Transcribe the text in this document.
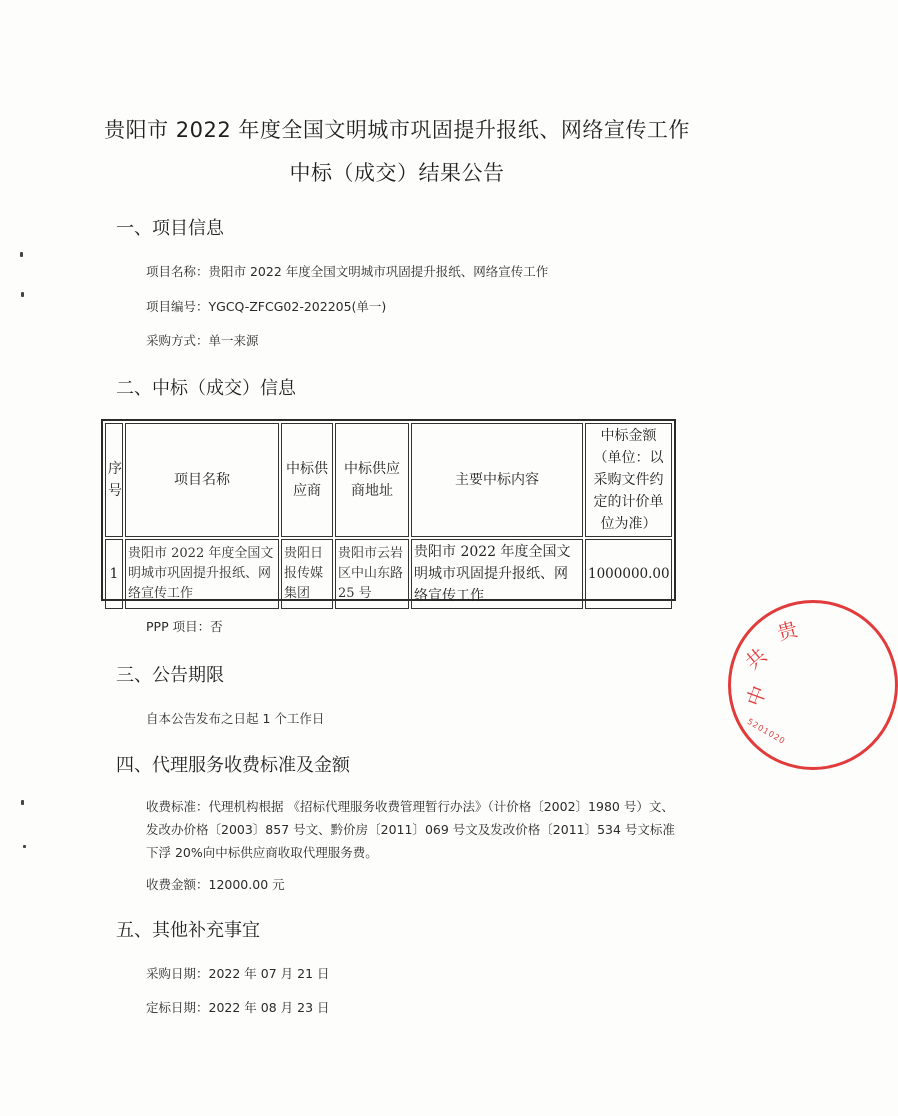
贵阳市 2022 年度全国文明城市巩固提升报纸、网络宣传工作
中标（成交）结果公告
一、项目信息
项目名称：贵阳市 2022 年度全国文明城市巩固提升报纸、网络宣传工作
项目编号：YGCQ-ZFCG02-202205(单一)
采购方式：单一来源
二、中标（成交）信息
序号	项目名称	中标供应商	中标供应商地址	主要中标内容	中标金额（单位：以采购文件约定的计价单位为准）
1	贵阳市 2022 年度全国文明城市巩固提升报纸、网络宣传工作	贵阳日报传媒集团	贵阳市云岩区中山东路 25 号	贵阳市 2022 年度全国文明城市巩固提升报纸、网络宣传工作	1000000.00
PPP 项目：否
三、公告期限
自本公告发布之日起 1 个工作日
四、代理服务收费标准及金额
收费标准：代理机构根据 《招标代理服务收费管理暂行办法》（计价格〔2002〕1980 号）文、发改办价格〔2003〕857 号文、黔价房〔2011〕069 号文及发改价格〔2011〕534 号文标准下浮 20%向中标供应商收取代理服务费。
收费金额：12000.00 元
五、其他补充事宜
采购日期：2022 年 07 月 21 日
定标日期：2022 年 08 月 23 日
中
共
贵
5201020
